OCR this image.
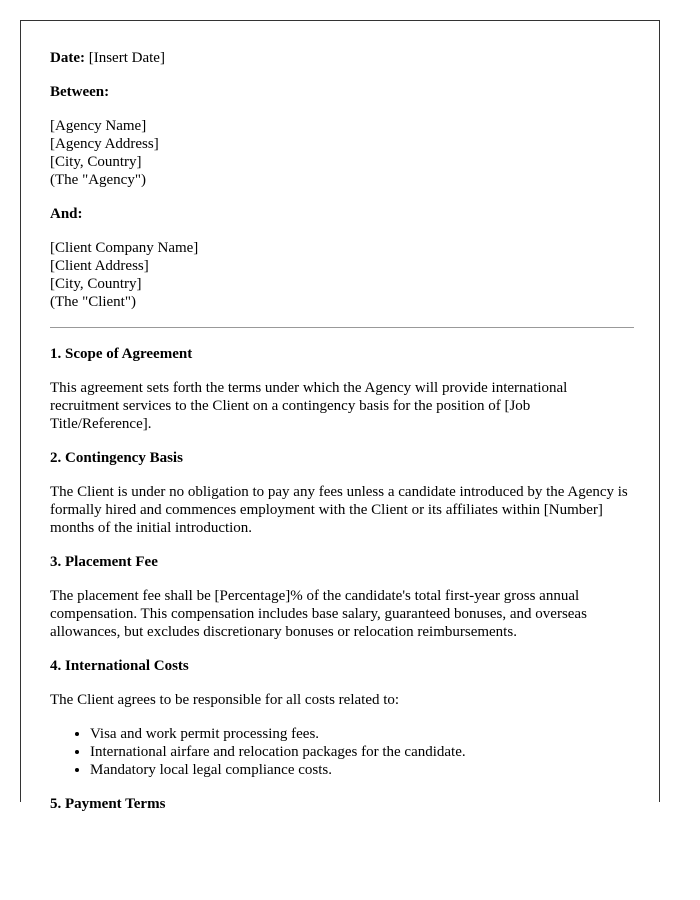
Date: [Insert Date]

Between:

[Agency Name]
[Agency Address]
[City, Country]
(The "Agency")

And:

[Client Company Name]
[Client Address]
[City, Country]
(The "Client")

1. Scope of Agreement

This agreement sets forth the terms under which the Agency will provide international recruitment services to the Client on a contingency basis for the position of [Job Title/Reference].

2. Contingency Basis

The Client is under no obligation to pay any fees unless a candidate introduced by the Agency is formally hired and commences employment with the Client or its affiliates within [Number] months of the initial introduction.

3. Placement Fee

The placement fee shall be [Percentage]% of the candidate's total first-year gross annual compensation. This compensation includes base salary, guaranteed bonuses, and overseas allowances, but excludes discretionary bonuses or relocation reimbursements.

4. International Costs

The Client agrees to be responsible for all costs related to:

• Visa and work permit processing fees.
• International airfare and relocation packages for the candidate.
• Mandatory local legal compliance costs.
5. Payment Terms
